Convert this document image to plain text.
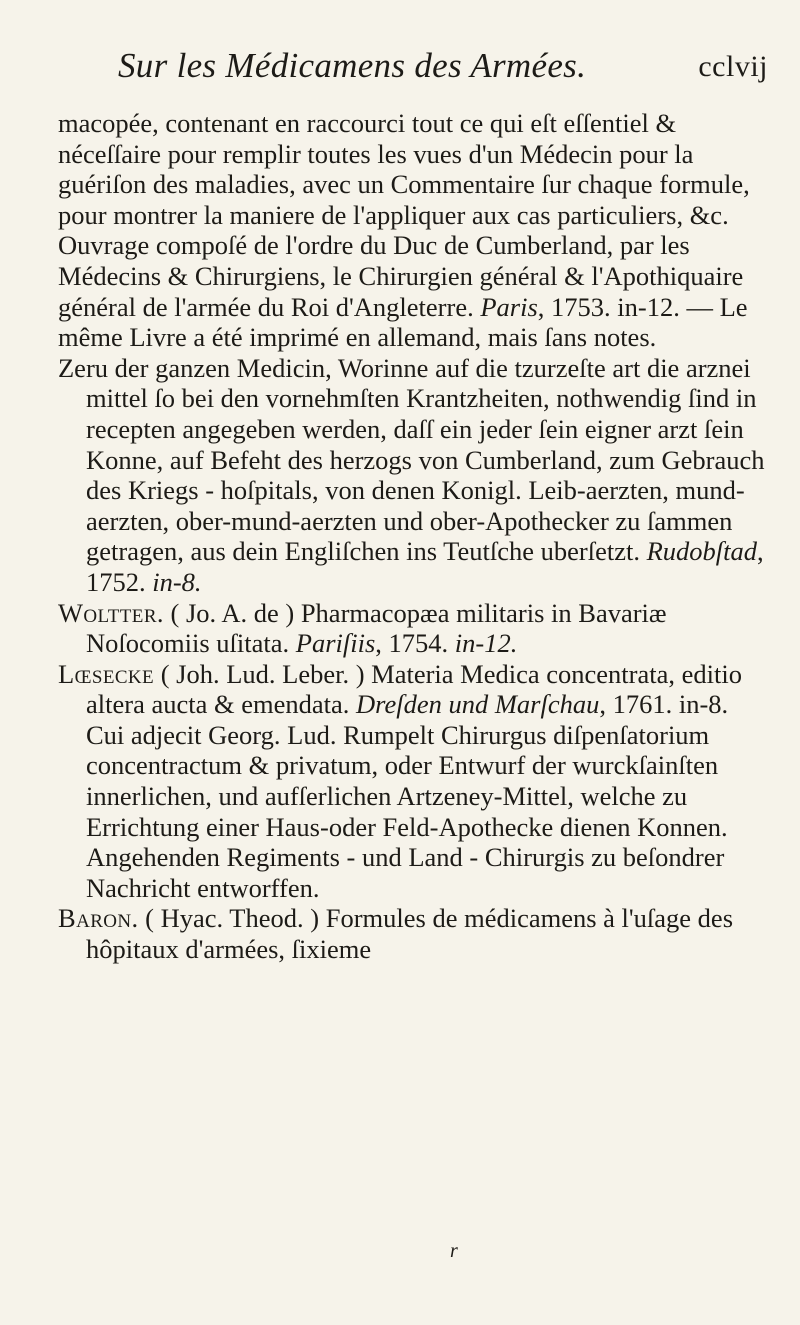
Sur les Médicamens des Armées.	cclvij

macopée, contenant en raccourci tout ce qui eſt eſſentiel & néceſſaire pour remplir toutes les vues d'un Médecin pour la guériſon des maladies, avec un Commentaire ſur chaque formule, pour montrer la maniere de l'appliquer aux cas particuliers, &c. Ouvrage compoſé de l'ordre du Duc de Cumberland, par les Médecins & Chirurgiens, le Chirurgien général & l'Apothiquaire général de l'armée du Roi d'Angleterre. Paris, 1753. in-12. — Le même Livre a été imprimé en allemand, mais ſans notes.

Zeru der ganzen Medicin, Worinne auf die tzurzeſte art die arznei mittel ſo bei den vornehmſten Krantzheiten, nothwendig ſind in recepten angegeben werden, daſſ ein jeder ſein eigner arzt ſein Konne, auf Befeht des herzogs von Cumberland, zum Gebrauch des Kriegs - hoſpitals, von denen Konigl. Leib-aerzten, mund-aerzten, ober-mund-aerzten und ober-Apothecker zu ſammen getragen, aus dein Engliſchen ins Teutſche uberſetzt. Rudobſtad, 1752. in-8.

Woltter. ( Jo. A. de ) Pharmacopæa militaris in Bavariæ Noſocomiis uſitata. Pariſiis, 1754. in-12.

Lœsecke ( Joh. Lud. Leber. ) Materia Medica concentrata, editio altera aucta & emendata. Dreſden und Marſchau, 1761. in-8. Cui adjecit Georg. Lud. Rumpelt Chirurgus diſpenſatorium concentractum & privatum, oder Entwurf der wurckſainſten innerlichen, und aufſerlichen Artzeney-Mittel, welche zu Errichtung einer Haus-oder Feld-Apothecke dienen Konnen. Angehenden Regiments - und Land - Chirurgis zu beſondrer Nachricht entworffen.

Baron. ( Hyac. Theod. ) Formules de médicamens à l'uſage des hôpitaux d'armées, ſixieme

r
